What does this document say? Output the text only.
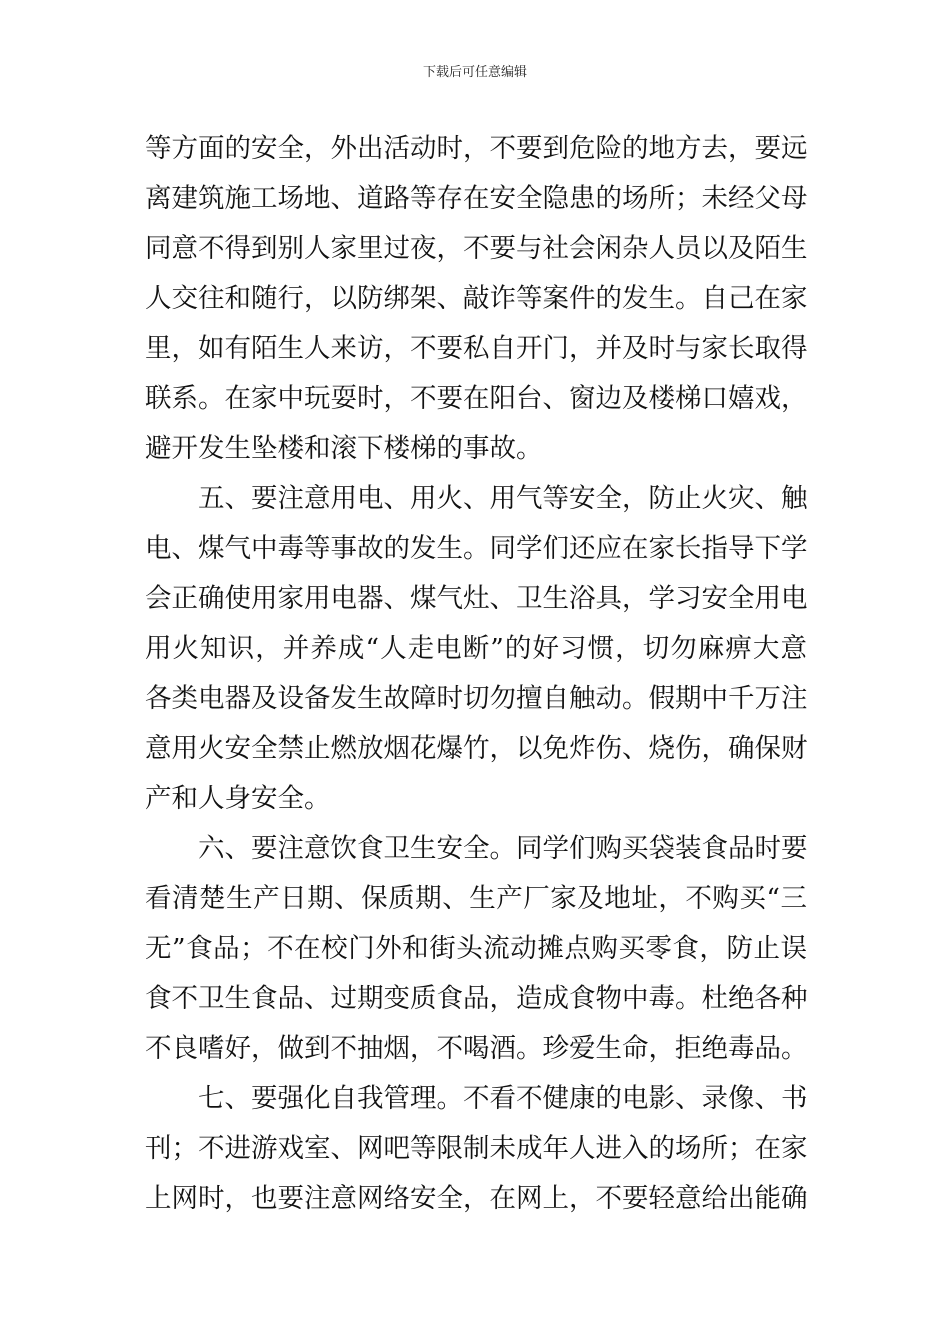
下载后可任意编辑
等方面的安全，外出活动时，不要到危险的地方去，要远
离建筑施工场地、道路等存在安全隐患的场所；未经父母
同意不得到别人家里过夜，不要与社会闲杂人员以及陌生
人交往和随行，以防绑架、敲诈等案件的发生。自己在家
里，如有陌生人来访，不要私自开门，并及时与家长取得
联系。在家中玩耍时，不要在阳台、窗边及楼梯口嬉戏，
避开发生坠楼和滚下楼梯的事故。
五、要注意用电、用火、用气等安全，防止火灾、触
电、煤气中毒等事故的发生。同学们还应在家长指导下学
会正确使用家用电器、煤气灶、卫生浴具，学习安全用电
用火知识，并养成“人走电断”的好习惯，切勿麻痹大意
各类电器及设备发生故障时切勿擅自触动。假期中千万注
意用火安全禁止燃放烟花爆竹，以免炸伤、烧伤，确保财
产和人身安全。
六、要注意饮食卫生安全。同学们购买袋装食品时要
看清楚生产日期、保质期、生产厂家及地址，不购买“三
无”食品；不在校门外和街头流动摊点购买零食，防止误
食不卫生食品、过期变质食品，造成食物中毒。杜绝各种
不良嗜好，做到不抽烟，不喝酒。珍爱生命，拒绝毒品。
七、要强化自我管理。不看不健康的电影、录像、书
刊；不进游戏室、网吧等限制未成年人进入的场所；在家
上网时，也要注意网络安全，在网上，不要轻意给出能确
